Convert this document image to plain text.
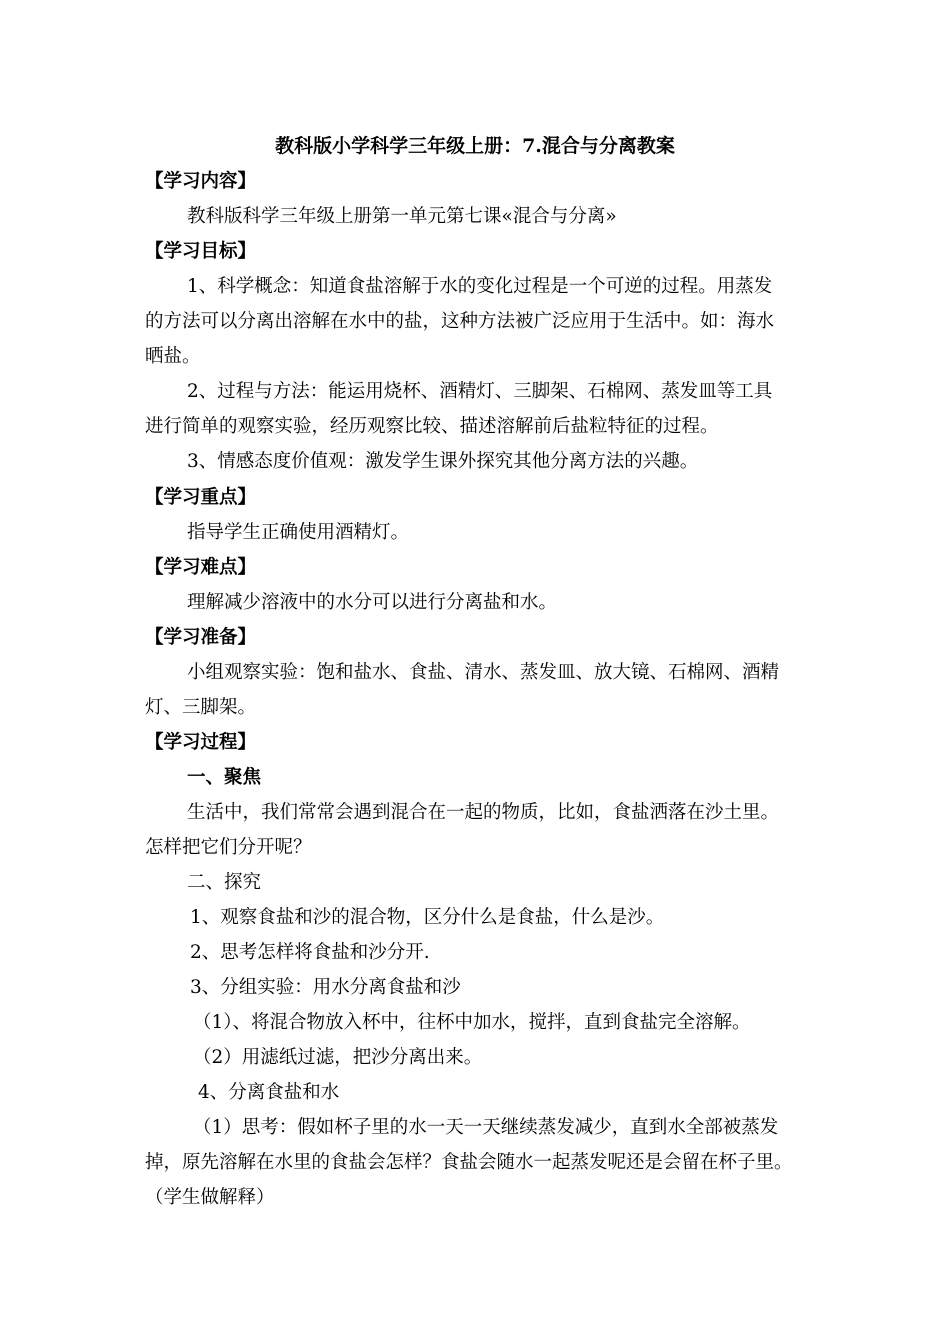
教科版小学科学三年级上册：7.混合与分离教案
【学习内容】
教科版科学三年级上册第一单元第七课«混合与分离»
【学习目标】
1、科学概念：知道食盐溶解于水的变化过程是一个可逆的过程。用蒸发
的方法可以分离出溶解在水中的盐，这种方法被广泛应用于生活中。如：海水
晒盐。
2、过程与方法：能运用烧杯、酒精灯、三脚架、石棉网、蒸发皿等工具
进行简单的观察实验，经历观察比较、描述溶解前后盐粒特征的过程。
3、情感态度价值观：激发学生课外探究其他分离方法的兴趣。
【学习重点】
指导学生正确使用酒精灯。
【学习难点】
理解减少溶液中的水分可以进行分离盐和水。
【学习准备】
小组观察实验：饱和盐水、食盐、清水、蒸发皿、放大镜、石棉网、酒精
灯、三脚架。
【学习过程】
一、聚焦
生活中，我们常常会遇到混合在一起的物质，比如，食盐洒落在沙土里。
怎样把它们分开呢？
二、探究
1、观察食盐和沙的混合物，区分什么是食盐，什么是沙。
2、思考怎样将食盐和沙分开.
3、分组实验：用水分离食盐和沙
（1）、将混合物放入杯中，往杯中加水，搅拌，直到食盐完全溶解。
（2）用滤纸过滤，把沙分离出来。
4、分离食盐和水
（1）思考：假如杯子里的水一天一天继续蒸发减少，直到水全部被蒸发
掉，原先溶解在水里的食盐会怎样？食盐会随水一起蒸发呢还是会留在杯子里。
（学生做解释）
